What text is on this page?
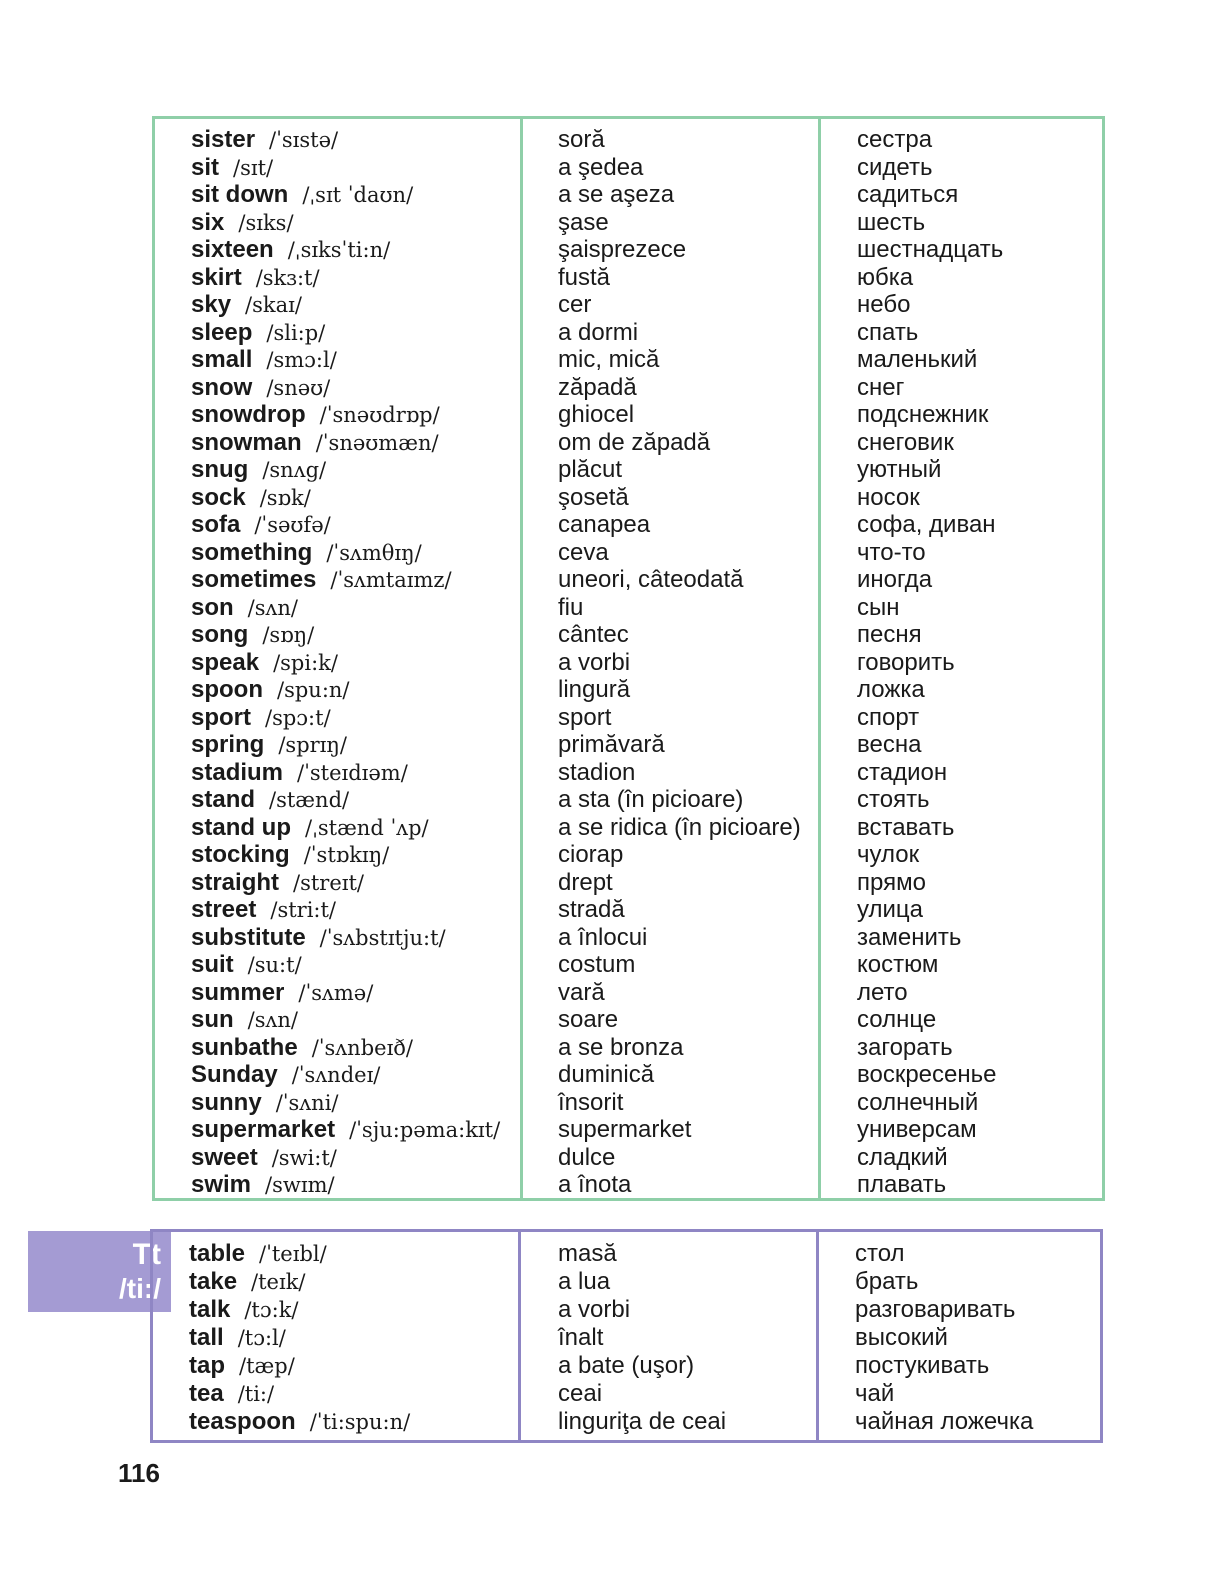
sister /ˈsɪstə/
sit /sɪt/
sit down /ˌsɪt ˈdaʊn/
six /sɪks/
sixteen /ˌsɪksˈti:n/
skirt /skɜ:t/
sky /skaɪ/
sleep /sli:p/
small /smɔ:l/
snow /snəʊ/
snowdrop /ˈsnəʊdrɒp/
snowman /ˈsnəʊmæn/
snug /snʌg/
sock /sɒk/
sofa /ˈsəʊfə/
something /ˈsʌmθɪŋ/
sometimes /ˈsʌmtaɪmz/
son /sʌn/
song /sɒŋ/
speak /spi:k/
spoon /spu:n/
sport /spɔ:t/
spring /sprɪŋ/
stadium /ˈsteɪdɪəm/
stand /stænd/
stand up /ˌstænd ˈʌp/
stocking /ˈstɒkɪŋ/
straight /streɪt/
street /stri:t/
substitute /ˈsʌbstɪtju:t/
suit /su:t/
summer /ˈsʌmə/
sun /sʌn/
sunbathe /ˈsʌnbeɪð/
Sunday /ˈsʌndeɪ/
sunny /ˈsʌni/
supermarket /ˈsju:pəma:kɪt/
sweet /swi:t/
swim /swɪm/
soră
a şedea
a se aşeza
şase
şaisprezece
fustă
cer
a dormi
mic, mică
zăpadă
ghiocel
om de zăpadă
plăcut
şosetă
canapea
ceva
uneori, câteodată
fiu
cântec
a vorbi
lingură
sport
primăvară
stadion
a sta (în picioare)
a se ridica (în picioare)
ciorap
drept
stradă
a înlocui
costum
vară
soare
a se bronza
duminică
însorit
supermarket
dulce
a înota
сестра
сидеть
садиться
шесть
шестнадцать
юбка
небо
спать
маленький
снег
подснежник
снеговик
уютный
носок
софа, диван
что-то
иногда
сын
песня
говорить
ложка
спорт
весна
стадион
стоять
вставать
чулок
прямо
улица
заменить
костюм
лето
солнце
загорать
воскресенье
солнечный
универсам
сладкий
плавать
Tt
/ti:/
table /ˈteɪbl/
take /teɪk/
talk /tɔ:k/
tall /tɔ:l/
tap /tæp/
tea /ti:/
teaspoon /ˈti:spu:n/
masă
a lua
a vorbi
înalt
a bate (uşor)
ceai
linguriţa de ceai
стол
брать
разговаривать
высокий
постукивать
чай
чайная ложечка
116
